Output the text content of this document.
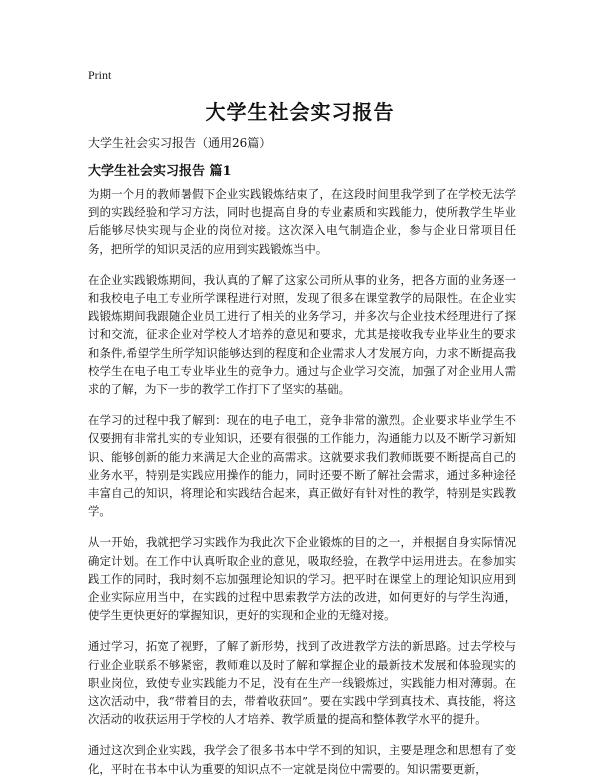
Print
大学生社会实习报告
大学生社会实习报告（通用26篇）
大学生社会实习报告 篇1

为期一个月的教师暑假下企业实践锻炼结束了，在这段时间里我学到了在学校无法学到的实践经验和学习方法，同时也提高自身的专业素质和实践能力，使所教学生毕业后能够尽快实现与企业的岗位对接。这次深入电气制造企业，参与企业日常项目任务，把所学的知识灵活的应用到实践锻炼当中。

在企业实践锻炼期间，我认真的了解了这家公司所从事的业务，把各方面的业务逐一和我校电子电工专业所学课程进行对照，发现了很多在课堂教学的局限性。在企业实践锻炼期间我跟随企业员工进行了相关的业务学习，并多次与企业技术经理进行了探讨和交流，征求企业对学校人才培养的意见和要求，尤其是接收我专业毕业生的要求和条件,希望学生所学知识能够达到的程度和企业需求人才发展方向，力求不断提高我校学生在电子电工专业毕业生的竞争力。通过与企业学习交流，加强了对企业用人需求的了解，为下一步的教学工作打下了坚实的基础。

在学习的过程中我了解到：现在的电子电工，竞争非常的激烈。企业要求毕业学生不仅要拥有非常扎实的专业知识，还要有很强的工作能力，沟通能力以及不断学习新知识、能够创新的能力来满足大企业的高需求。这就要求我们教师既要不断提高自己的业务水平，特别是实践应用操作的能力，同时还要不断了解社会需求，通过多种途径丰富自己的知识，将理论和实践结合起来，真正做好有针对性的教学，特别是实践教学。

从一开始，我就把学习实践作为我此次下企业锻炼的目的之一，并根据自身实际情况确定计划。在工作中认真听取企业的意见，吸取经验，在教学中运用进去。在参加实践工作的同时，我时刻不忘加强理论知识的学习。把平时在课堂上的理论知识应用到企业实际应用当中，在实践的过程中思索教学方法的改进，如何更好的与学生沟通，使学生更快更好的掌握知识，更好的实现和企业的无缝对接。

通过学习，拓宽了视野，了解了新形势，找到了改进教学方法的新思路。过去学校与行业企业联系不够紧密，教师难以及时了解和掌握企业的最新技术发展和体验现实的职业岗位，致使专业实践能力不足，没有在生产一线锻炼过，实践能力相对薄弱。在这次活动中，我“带着目的去，带着收获回”。要在实践中学到真技术、真技能，将这次活动的收获运用于学校的人才培养、教学质量的提高和整体教学水平的提升。

通过这次到企业实践，我学会了很多书本中学不到的知识，主要是理念和思想有了变化，平时在书本中认为重要的知识点不一定就是岗位中需要的。知识需要更新，
